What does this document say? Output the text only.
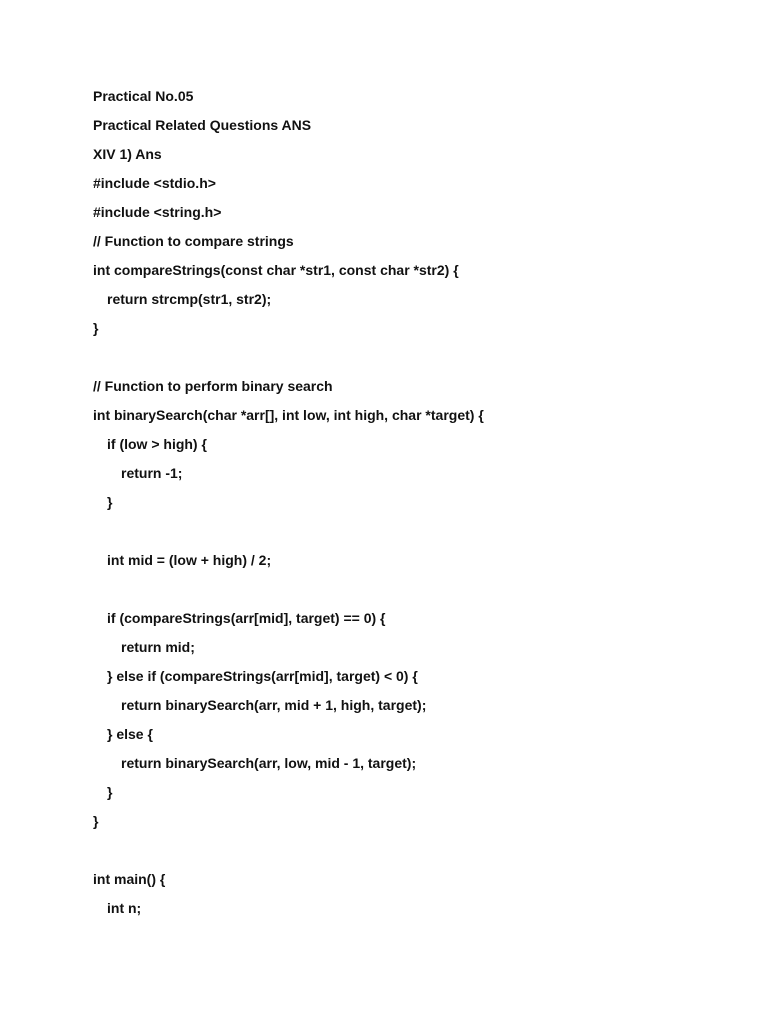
Practical No.05
Practical Related Questions ANS
XIV 1) Ans
#include <stdio.h>
#include <string.h>
// Function to compare strings
int compareStrings(const char *str1, const char *str2) {
return strcmp(str1, str2);
}
// Function to perform binary search
int binarySearch(char *arr[], int low, int high, char *target) {
if (low > high) {
return -1;
}
int mid = (low + high) / 2;
if (compareStrings(arr[mid], target) == 0) {
return mid;
} else if (compareStrings(arr[mid], target) < 0) {
return binarySearch(arr, mid + 1, high, target);
} else {
return binarySearch(arr, low, mid - 1, target);
}
}
int main() {
int n;
